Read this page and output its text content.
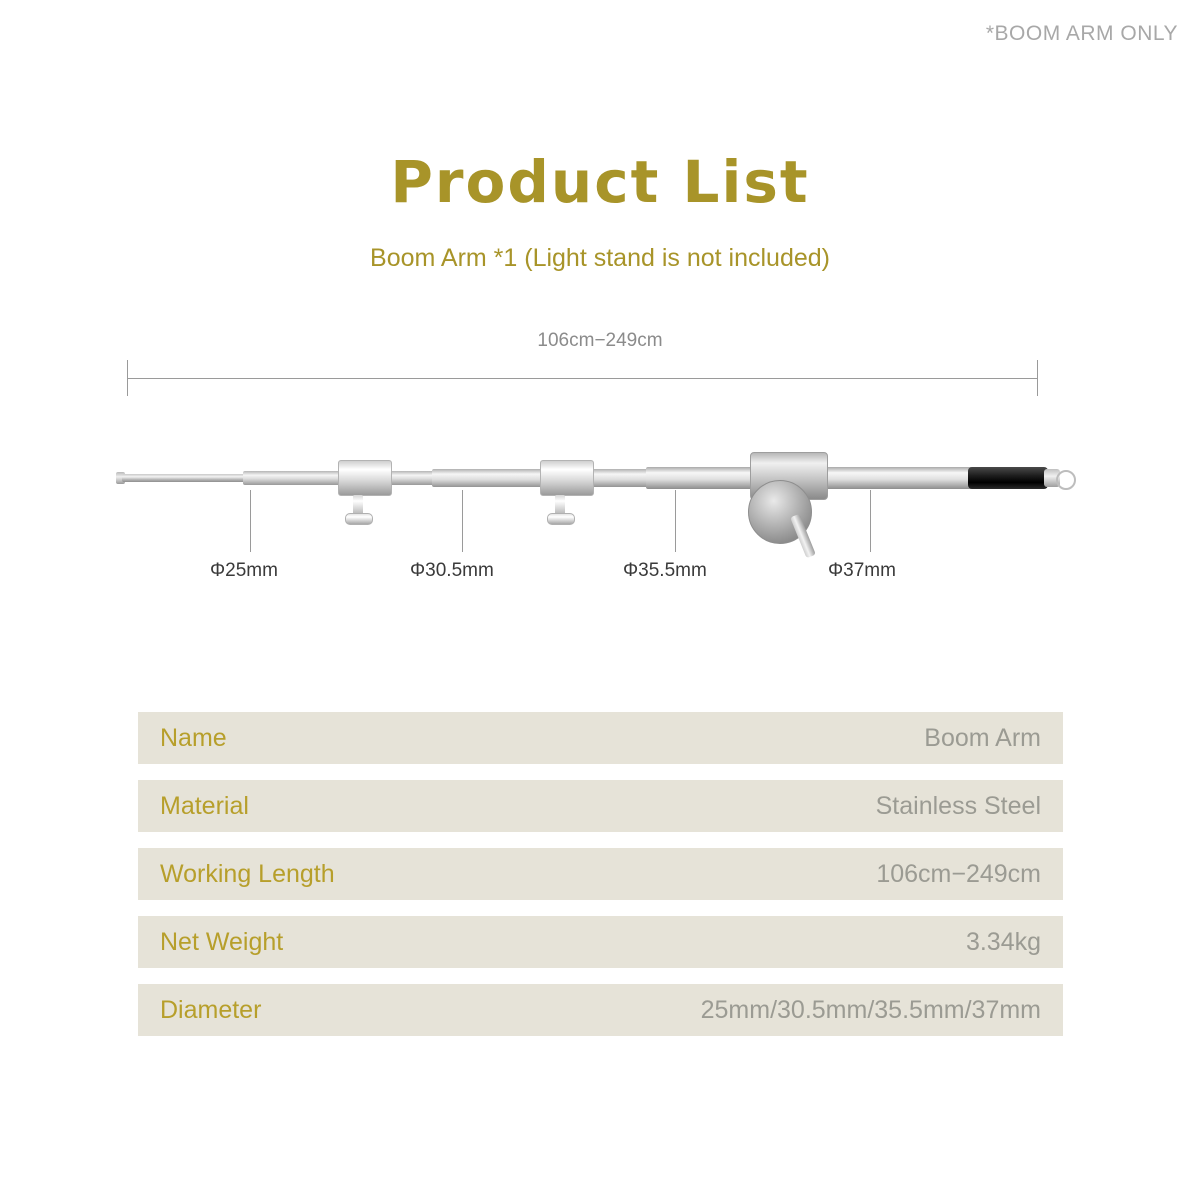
*BOOM ARM ONLY
Product List
Boom Arm *1 (Light stand is not included)
106cm−249cm
Φ25mm	Φ30.5mm	Φ35.5mm	Φ37mm
Name	Boom Arm
Material	Stainless Steel
Working Length	106cm−249cm
Net Weight	3.34kg
Diameter	25mm/30.5mm/35.5mm/37mm
